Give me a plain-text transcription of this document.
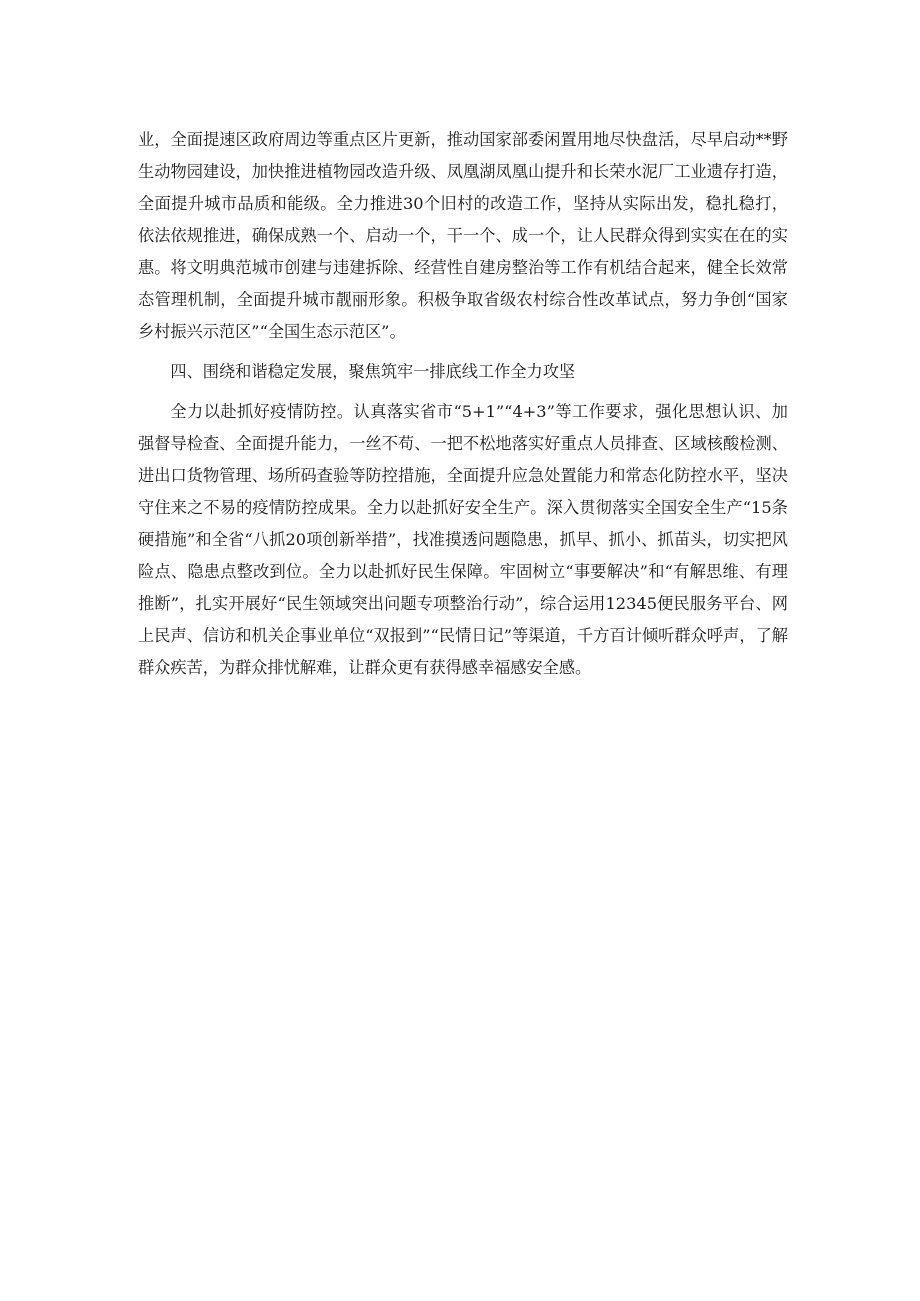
业，全面提速区政府周边等重点区片更新，推动国家部委闲置用地尽快盘活，尽早启动**野生动物园建设，加快推进植物园改造升级、凤凰湖凤凰山提升和长荣水泥厂工业遗存打造，全面提升城市品质和能级。全力推进30个旧村的改造工作，坚持从实际出发，稳扎稳打，依法依规推进，确保成熟一个、启动一个，干一个、成一个，让人民群众得到实实在在的实惠。将文明典范城市创建与违建拆除、经营性自建房整治等工作有机结合起来，健全长效常态管理机制，全面提升城市靓丽形象。积极争取省级农村综合性改革试点，努力争创“国家乡村振兴示范区”“全国生态示范区”。

四、围绕和谐稳定发展，聚焦筑牢一排底线工作全力攻坚

全力以赴抓好疫情防控。认真落实省市“5+1”“4+3”等工作要求，强化思想认识、加强督导检查、全面提升能力，一丝不苟、一把不松地落实好重点人员排查、区域核酸检测、进出口货物管理、场所码查验等防控措施，全面提升应急处置能力和常态化防控水平，坚决守住来之不易的疫情防控成果。全力以赴抓好安全生产。深入贯彻落实全国安全生产“15条硬措施”和全省“八抓20项创新举措”，找准摸透问题隐患，抓早、抓小、抓苗头，切实把风险点、隐患点整改到位。全力以赴抓好民生保障。牢固树立“事要解决”和“有解思维、有理推断”，扎实开展好“民生领域突出问题专项整治行动”，综合运用12345便民服务平台、网上民声、信访和机关企事业单位“双报到”“民情日记”等渠道，千方百计倾听群众呼声，了解群众疾苦，为群众排忧解难，让群众更有获得感幸福感安全感。
